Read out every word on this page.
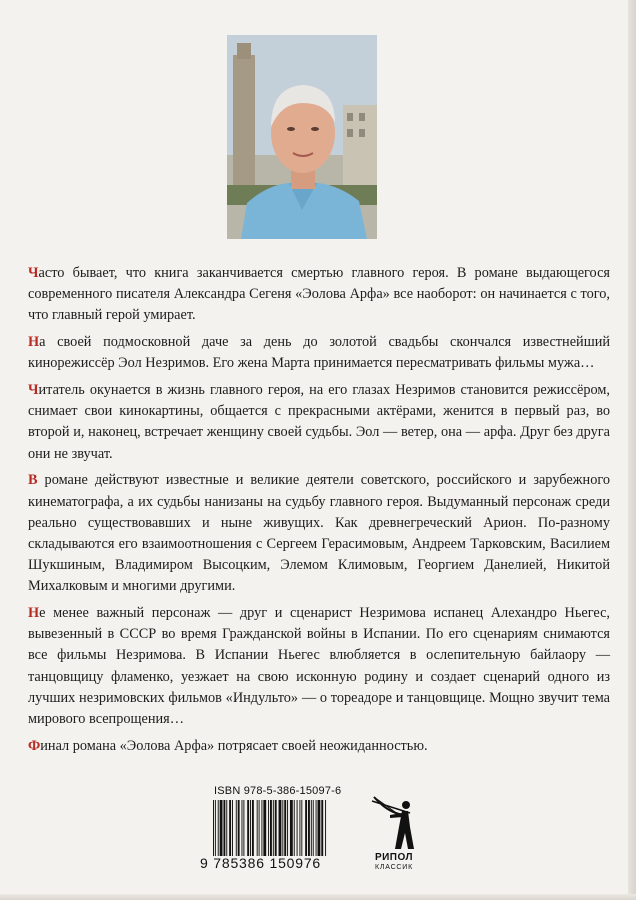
Часто бывает, что книга заканчивается смертью главного героя. В романе выдающегося современного писателя Александра Сегеня «Эолова Арфа» все наоборот: он начинается с того, что главный герой умирает.

На своей подмосковной даче за день до золотой свадьбы скончался известнейший кинорежиссёр Эол Незримов. Его жена Марта принимается пересматривать фильмы мужа…

Читатель окунается в жизнь главного героя, на его глазах Незримов становится режиссёром, снимает свои кинокартины, общается с прекрасными актёрами, женится в первый раз, во второй и, наконец, встречает женщину своей судьбы. Эол — ветер, она — арфа. Друг без друга они не звучат.

В романе действуют известные и великие деятели советского, российского и зарубежного кинематографа, а их судьбы нанизаны на судьбу главного героя. Выдуманный персонаж среди реально существовавших и ныне живущих. Как древнегреческий Арион. По-разному складываются его взаимоотношения с Сергеем Герасимовым, Андреем Тарковским, Василием Шукшиным, Владимиром Высоцким, Элемом Климовым, Георгием Данелией, Никитой Михалковым и многими другими.

Не менее важный персонаж — друг и сценарист Незримова испанец Алехандро Ньегес, вывезенный в СССР во время Гражданской войны в Испании. По его сценариям снимаются все фильмы Незримова. В Испании Ньегес влюбляется в ослепительную байлаору — танцовщицу фламенко, уезжает на свою исконную родину и создает сценарий одного из лучших незримовских фильмов «Индульто» — о тореадоре и танцовщице. Мощно звучит тема мирового всепрощения…

Финал романа «Эолова Арфа» потрясает своей неожиданностью.

ISBN 978-5-386-15097-6
9 785386 150976	РИПОЛ
КЛАССИК
